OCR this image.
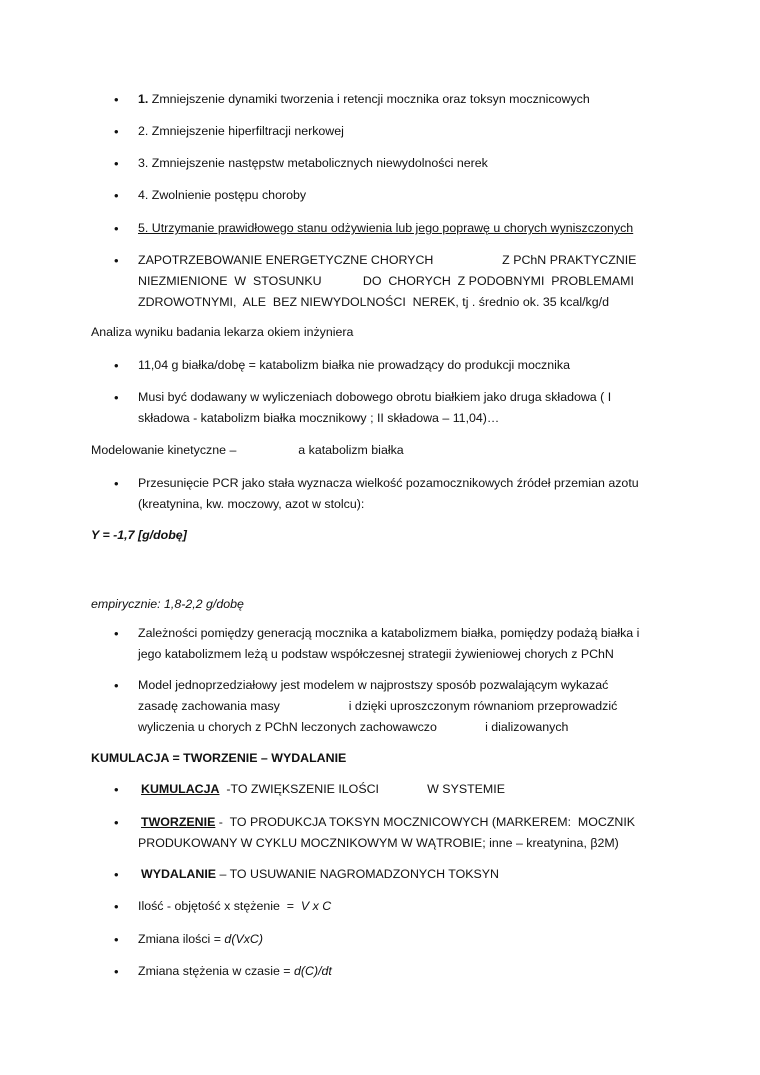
• 1. Zmniejszenie dynamiki tworzenia i retencji mocznika oraz toksyn mocznicowych
• 2. Zmniejszenie hiperfiltracji nerkowej
• 3. Zmniejszenie następstw metabolicznych niewydolności nerek
• 4. Zwolnienie postępu choroby
• 5. Utrzymanie prawidłowego stanu odżywienia lub jego poprawę u chorych wyniszczonych
• ZAPOTRZEBOWANIE ENERGETYCZNE CHORYCH                    Z PChN PRAKTYCZNIE
NIEZMIENIONE  W  STOSUNKU            DO  CHORYCH  Z PODOBNYMI  PROBLEMAMI
ZDROWOTNYMI,  ALE  BEZ NIEWYDOLNOŚCI  NEREK, tj . średnio ok. 35 kcal/kg/d
Analiza wyniku badania lekarza okiem inżyniera
• 11,04 g białka/dobę = katabolizm białka nie prowadzący do produkcji mocznika
• Musi być dodawany w wyliczeniach dobowego obrotu białkiem jako druga składowa ( I
składowa - katabolizm białka mocznikowy ; II składowa – 11,04)…
Modelowanie kinetyczne –                  a katabolizm białka
• Przesunięcie PCR jako stała wyznacza wielkość pozamocznikowych źródeł przemian azotu
(kreatynina, kw. moczowy, azot w stolcu):
Y = -1,7 [g/dobę]
empirycznie: 1,8-2,2 g/dobę
• Zależności pomiędzy generacją mocznika a katabolizmem białka, pomiędzy podażą białka i
jego katabolizmem leżą u podstaw współczesnej strategii żywieniowej chorych z PChN
• Model jednoprzedziałowy jest modelem w najprostszy sposób pozwalającym wykazać
zasadę zachowania masy                    i dzięki uproszczonym równaniom przeprowadzić
wyliczenia u chorych z PChN leczonych zachowawczo              i dializowanych
KUMULACJA = TWORZENIE – WYDALANIE
• KUMULACJA  -TO ZWIĘKSZENIE ILOŚCI              W SYSTEMIE
• TWORZENIE -  TO PRODUKCJA TOKSYN MOCZNICOWYCH (MARKEREM:  MOCZNIK
PRODUKOWANY W CYKLU MOCZNIKOWYM W WĄTROBIE; inne – kreatynina, β2M)
• WYDALANIE – TO USUWANIE NAGROMADZONYCH TOKSYN
• Ilość - objętość x stężenie  =  V x C
• Zmiana ilości = d(VxC)
• Zmiana stężenia w czasie = d(C)/dt
